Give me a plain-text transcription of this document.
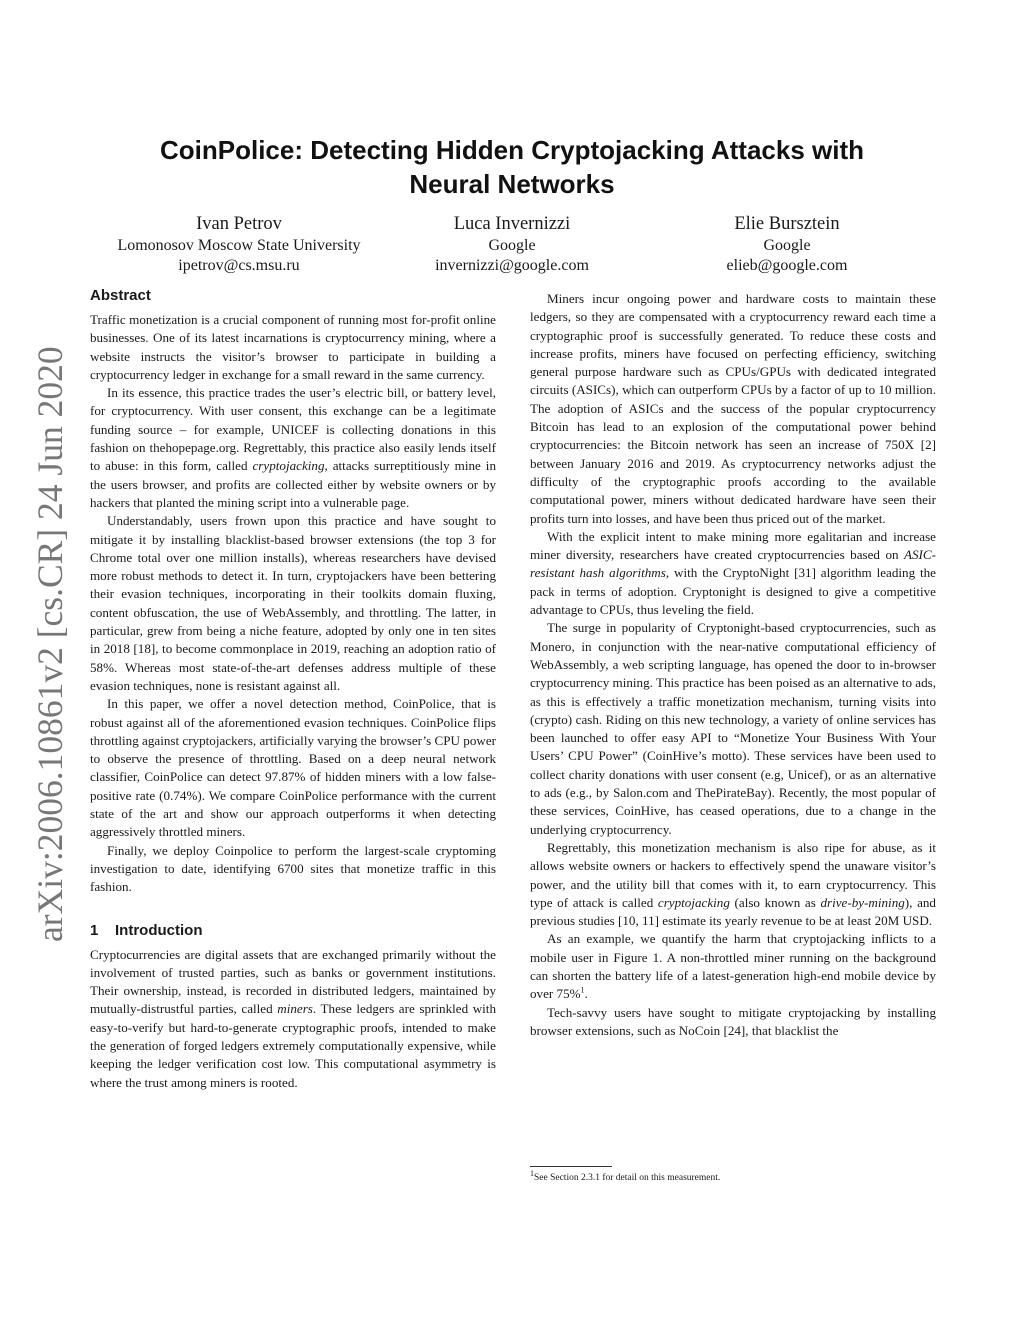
arXiv:2006.10861v2 [cs.CR] 24 Jun 2020
CoinPolice: Detecting Hidden Cryptojacking Attacks with
Neural Networks
Ivan Petrov
Lomonosov Moscow State University
ipetrov@cs.msu.ru
Luca Invernizzi
Google
invernizzi@google.com
Elie Bursztein
Google
elieb@google.com
Abstract

Traffic monetization is a crucial component of running most for-profit online businesses. One of its latest incarnations is cryptocurrency mining, where a website instructs the visitor’s browser to participate in building a cryptocurrency ledger in exchange for a small reward in the same currency.

In its essence, this practice trades the user’s electric bill, or battery level, for cryptocurrency. With user consent, this exchange can be a legitimate funding source – for example, UNICEF is collecting donations in this fashion on thehopepage.org. Regrettably, this practice also easily lends itself to abuse: in this form, called cryptojacking, attacks surreptitiously mine in the users browser, and profits are collected either by website owners or by hackers that planted the mining script into a vulnerable page.

Understandably, users frown upon this practice and have sought to mitigate it by installing blacklist-based browser extensions (the top 3 for Chrome total over one million installs), whereas researchers have devised more robust methods to detect it. In turn, cryptojackers have been bettering their evasion techniques, incorporating in their toolkits domain fluxing, content obfuscation, the use of WebAssembly, and throttling. The latter, in particular, grew from being a niche feature, adopted by only one in ten sites in 2018 [18], to become commonplace in 2019, reaching an adoption ratio of 58%. Whereas most state-of-the-art defenses address multiple of these evasion techniques, none is resistant against all.

In this paper, we offer a novel detection method, CoinPolice, that is robust against all of the aforementioned evasion techniques. CoinPolice flips throttling against cryptojackers, artificially varying the browser’s CPU power to observe the presence of throttling. Based on a deep neural network classifier, CoinPolice can detect 97.87% of hidden miners with a low false-positive rate (0.74%). We compare CoinPolice performance with the current state of the art and show our approach outperforms it when detecting aggressively throttled miners.

Finally, we deploy Coinpolice to perform the largest-scale cryptoming investigation to date, identifying 6700 sites that monetize traffic in this fashion.

1 Introduction

Cryptocurrencies are digital assets that are exchanged primarily without the involvement of trusted parties, such as banks or government institutions. Their ownership, instead, is recorded in distributed ledgers, maintained by mutually-distrustful parties, called miners. These ledgers are sprinkled with easy-to-verify but hard-to-generate cryptographic proofs, intended to make the generation of forged ledgers extremely computationally expensive, while keeping the ledger verification cost low. This computational asymmetry is where the trust among miners is rooted.

Miners incur ongoing power and hardware costs to maintain these ledgers, so they are compensated with a cryptocurrency reward each time a cryptographic proof is successfully generated. To reduce these costs and increase profits, miners have focused on perfecting efficiency, switching general purpose hardware such as CPUs/GPUs with dedicated integrated circuits (ASICs), which can outperform CPUs by a factor of up to 10 million. The adoption of ASICs and the success of the popular cryptocurrency Bitcoin has lead to an explosion of the computational power behind cryptocurrencies: the Bitcoin network has seen an increase of 750X [2] between January 2016 and 2019. As cryptocurrency networks adjust the difficulty of the cryptographic proofs according to the available computational power, miners without dedicated hardware have seen their profits turn into losses, and have been thus priced out of the market.

With the explicit intent to make mining more egalitarian and increase miner diversity, researchers have created cryptocurrencies based on ASIC-resistant hash algorithms, with the CryptoNight [31] algorithm leading the pack in terms of adoption. Cryptonight is designed to give a competitive advantage to CPUs, thus leveling the field.

The surge in popularity of Cryptonight-based cryptocurrencies, such as Monero, in conjunction with the near-native computational efficiency of WebAssembly, a web scripting language, has opened the door to in-browser cryptocurrency mining. This practice has been poised as an alternative to ads, as this is effectively a traffic monetization mechanism, turning visits into (crypto) cash. Riding on this new technology, a variety of online services has been launched to offer easy API to “Monetize Your Business With Your Users’ CPU Power” (CoinHive’s motto). These services have been used to collect charity donations with user consent (e.g, Unicef), or as an alternative to ads (e.g., by Salon.com and ThePirateBay). Recently, the most popular of these services, CoinHive, has ceased operations, due to a change in the underlying cryptocurrency.

Regrettably, this monetization mechanism is also ripe for abuse, as it allows website owners or hackers to effectively spend the unaware visitor’s power, and the utility bill that comes with it, to earn cryptocurrency. This type of attack is called cryptojacking (also known as drive-by-mining), and previous studies [10, 11] estimate its yearly revenue to be at least 20M USD.

As an example, we quantify the harm that cryptojacking inflicts to a mobile user in Figure 1. A non-throttled miner running on the background can shorten the battery life of a latest-generation high-end mobile device by over 75%$^1$.

Tech-savvy users have sought to mitigate cryptojacking by installing browser extensions, such as NoCoin [24], that blacklist the

$^1$See Section 2.3.1 for detail on this measurement.
